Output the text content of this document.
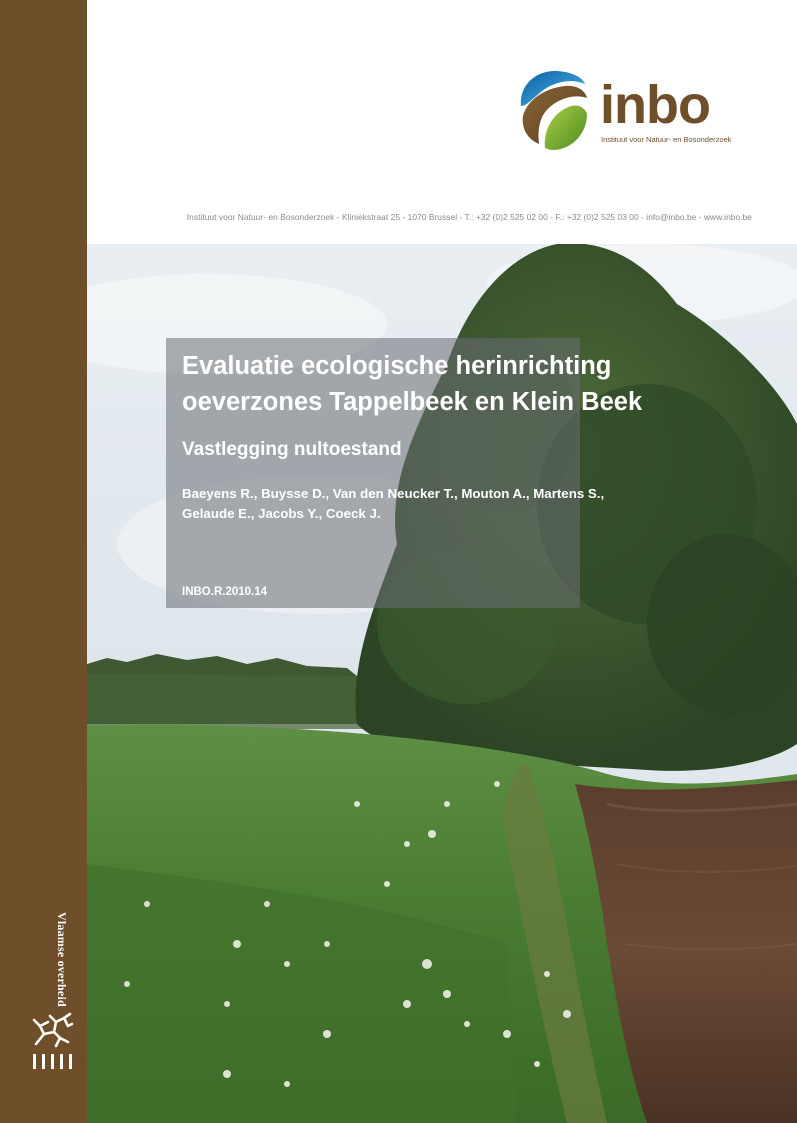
Vlaamse overheid
inbo
Instituut voor Natuur- en Bosonderzoek
Instituut voor Natuur- en Bosonderzoek - Kliniekstraat 25 - 1070 Brussel - T.: +32 (0)2 525 02 00 - F.: +32 (0)2 525 03 00 - info@inbo.be - www.inbo.be
Evaluatie ecologische herinrichting
oeverzones Tappelbeek en Klein Beek
Vastlegging nultoestand
Baeyens R., Buysse D., Van den Neucker T., Mouton A., Martens S.,
Gelaude E., Jacobs Y., Coeck J.
INBO.R.2010.14
